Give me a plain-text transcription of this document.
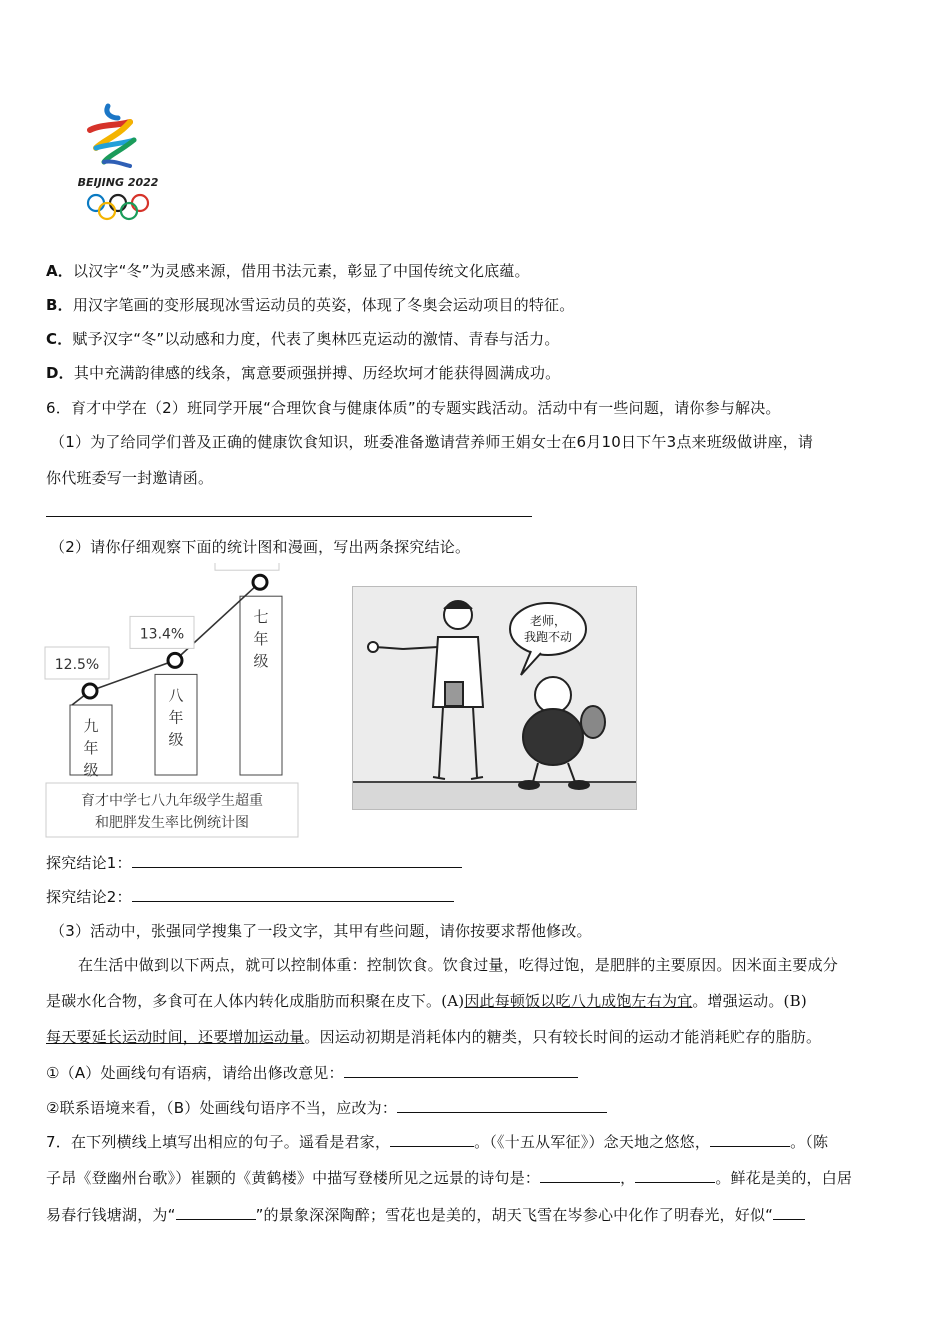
BEIJING 2022
A．以汉字“冬”为灵感来源，借用书法元素，彰显了中国传统文化底蕴。
B．用汉字笔画的变形展现冰雪运动员的英姿，体现了冬奥会运动项目的特征。
C．赋予汉字“冬”以动感和力度，代表了奥林匹克运动的激情、青春与活力。
D．其中充满韵律感的线条，寓意要顽强拼搏、历经坎坷才能获得圆满成功。
6．育才中学在（2）班同学开展“合理饮食与健康体质”的专题实践活动。活动中有一些问题，请你参与解决。
（1）为了给同学们普及正确的健康饮食知识，班委准备邀请营养师王娟女士在6月10日下午3点来班级做讲座，请
你代班委写一封邀请函。
（2）请你仔细观察下面的统计图和漫画，写出两条探究结论。
九
年
级
八
年
级
七
年
级
12.5%
13.4%
育才中学七八九年级学生超重
和肥胖发生率比例统计图
老师，
我跑不动
探究结论1：
探究结论2：
（3）活动中，张强同学搜集了一段文字，其甲有些问题，请你按要求帮他修改。
在生活中做到以下两点，就可以控制体重：控制饮食。饮食过量，吃得过饱，是肥胖的主要原因。因米面主要成分
是碳水化合物，多食可在人体内转化成脂肪而积聚在皮下。(A)因此每顿饭以吃八九成饱左右为宜。增强运动。(B)
每天要延长运动时间，还要增加运动量。因运动初期是消耗体内的糖类，只有较长时间的运动才能消耗贮存的脂肪。
①（A）处画线句有语病，请给出修改意见：
②联系语境来看，（B）处画线句语序不当，应改为：
7．在下列横线上填写出相应的句子。遥看是君家，	。（《十五从军征》）念天地之悠悠，	。（陈
子昂《登幽州台歌》）崔颢的《黄鹤楼》中描写登楼所见之远景的诗句是：	，	。鲜花是美的，白居
易春行钱塘湖，为“	”的景象深深陶醉；雪花也是美的，胡天飞雪在岑参心中化作了明春光，好似“
